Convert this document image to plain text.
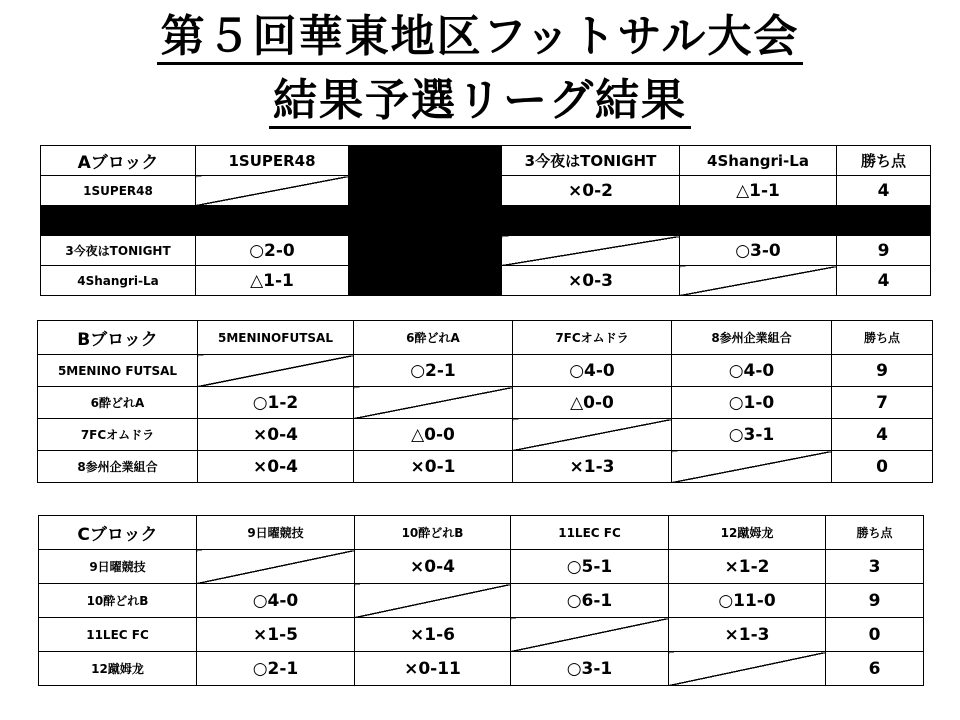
第５回華東地区フットサル大会
結果予選リーグ結果
Aブロック	1SUPER48		3今夜はTONIGHT	4Shangri-La	勝ち点
1SUPER48			×0-2	△1-1	4

3今夜はTONIGHT	○2-0			○3-0	9
4Shangri-La	△1-1		×0-3		4
Bブロック	5MENINOFUTSAL	6酔どれA	7FCオムドラ	8参州企業組合	勝ち点
5MENINO FUTSAL		○2-1	○4-0	○4-0	9
6酔どれA	○1-2		△0-0	○1-0	7
7FCオムドラ	×0-4	△0-0		○3-1	4
8参州企業組合	×0-4	×0-1	×1-3		0
Cブロック	9日曜競技	10酔どれB	11LEC FC	12蹴姆龙	勝ち点
9日曜競技		×0-4	○5-1	×1-2	3
10酔どれB	○4-0		○6-1	○11-0	9
11LEC FC	×1-5	×1-6		×1-3	0
12蹴姆龙	○2-1	×0-11	○3-1		6
